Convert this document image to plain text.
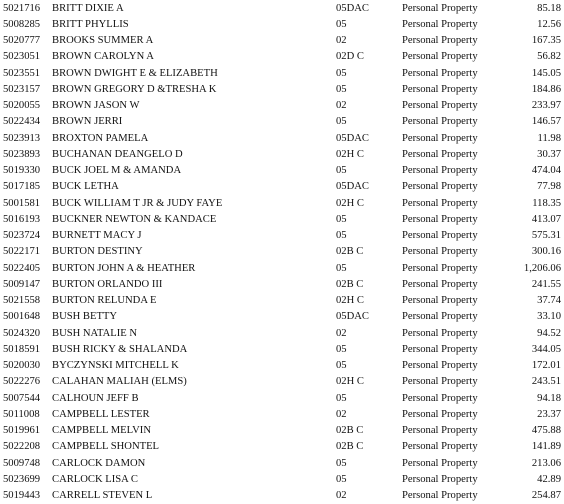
5021716 BRITT DIXIE A	05DAC	Personal Property	85.18
5008285 BRITT PHYLLIS	05	Personal Property	12.56
5020777 BROOKS SUMMER A	02	Personal Property	167.35
5023051 BROWN CAROLYN A	02D C	Personal Property	56.82
5023551 BROWN DWIGHT E & ELIZABETH	05	Personal Property	145.05
5023157 BROWN GREGORY D &TRESHA K	05	Personal Property	184.86
5020055 BROWN JASON W	02	Personal Property	233.97
5022434 BROWN JERRI	05	Personal Property	146.57
5023913 BROXTON PAMELA	05DAC	Personal Property	11.98
5023893 BUCHANAN DEANGELO D	02H C	Personal Property	30.37
5019330 BUCK JOEL M & AMANDA	05	Personal Property	474.04
5017185 BUCK LETHA	05DAC	Personal Property	77.98
5001581 BUCK WILLIAM T JR & JUDY FAYE	02H C	Personal Property	118.35
5016193 BUCKNER NEWTON & KANDACE	05	Personal Property	413.07
5023724 BURNETT MACY J	05	Personal Property	575.31
5022171 BURTON DESTINY	02B C	Personal Property	300.16
5022405 BURTON JOHN A & HEATHER	05	Personal Property	1,206.06
5009147 BURTON ORLANDO III	02B C	Personal Property	241.55
5021558 BURTON RELUNDA E	02H C	Personal Property	37.74
5001648 BUSH BETTY	05DAC	Personal Property	33.10
5024320 BUSH NATALIE N	02	Personal Property	94.52
5018591 BUSH RICKY & SHALANDA	05	Personal Property	344.05
5020030 BYCZYNSKI MITCHELL K	05	Personal Property	172.01
5022276 CALAHAN MALIAH (ELMS)	02H C	Personal Property	243.51
5007544 CALHOUN JEFF B	05	Personal Property	94.18
5011008 CAMPBELL LESTER	02	Personal Property	23.37
5019961 CAMPBELL MELVIN	02B C	Personal Property	475.88
5022208 CAMPBELL SHONTEL	02B C	Personal Property	141.89
5009748 CARLOCK DAMON	05	Personal Property	213.06
5023699 CARLOCK LISA C	05	Personal Property	42.89
5019443 CARRELL STEVEN L	02	Personal Property	254.87
